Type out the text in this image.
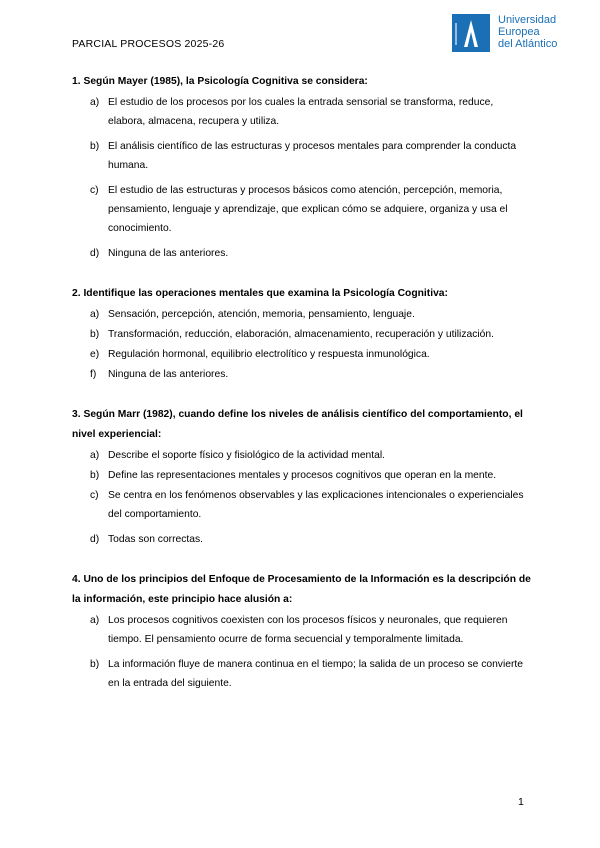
PARCIAL PROCESOS 2025-26
Universidad
Europea
del Atlántico
1. Según Mayer (1985), la Psicología Cognitiva se considera:
a) El estudio de los procesos por los cuales la entrada sensorial se transforma, reduce, elabora, almacena, recupera y utiliza.
b) El análisis científico de las estructuras y procesos mentales para comprender la conducta humana.
c) El estudio de las estructuras y procesos básicos como atención, percepción, memoria, pensamiento, lenguaje y aprendizaje, que explican cómo se adquiere, organiza y usa el conocimiento.
d) Ninguna de las anteriores.
2. Identifique las operaciones mentales que examina la Psicología Cognitiva:
a) Sensación, percepción, atención, memoria, pensamiento, lenguaje.
b) Transformación, reducción, elaboración, almacenamiento, recuperación y utilización.
e) Regulación hormonal, equilibrio electrolítico y respuesta inmunológica.
f) Ninguna de las anteriores.
3. Según Marr (1982), cuando define los niveles de análisis científico del comportamiento, el nivel experiencial:
a) Describe el soporte físico y fisiológico de la actividad mental.
b) Define las representaciones mentales y procesos cognitivos que operan en la mente.
c) Se centra en los fenómenos observables y las explicaciones intencionales o experienciales del comportamiento.
d) Todas son correctas.
4. Uno de los principios del Enfoque de Procesamiento de la Información es la descripción de la información, este principio hace alusión a:
a) Los procesos cognitivos coexisten con los procesos físicos y neuronales, que requieren tiempo. El pensamiento ocurre de forma secuencial y temporalmente limitada.
b) La información fluye de manera continua en el tiempo; la salida de un proceso se convierte en la entrada del siguiente.
1
